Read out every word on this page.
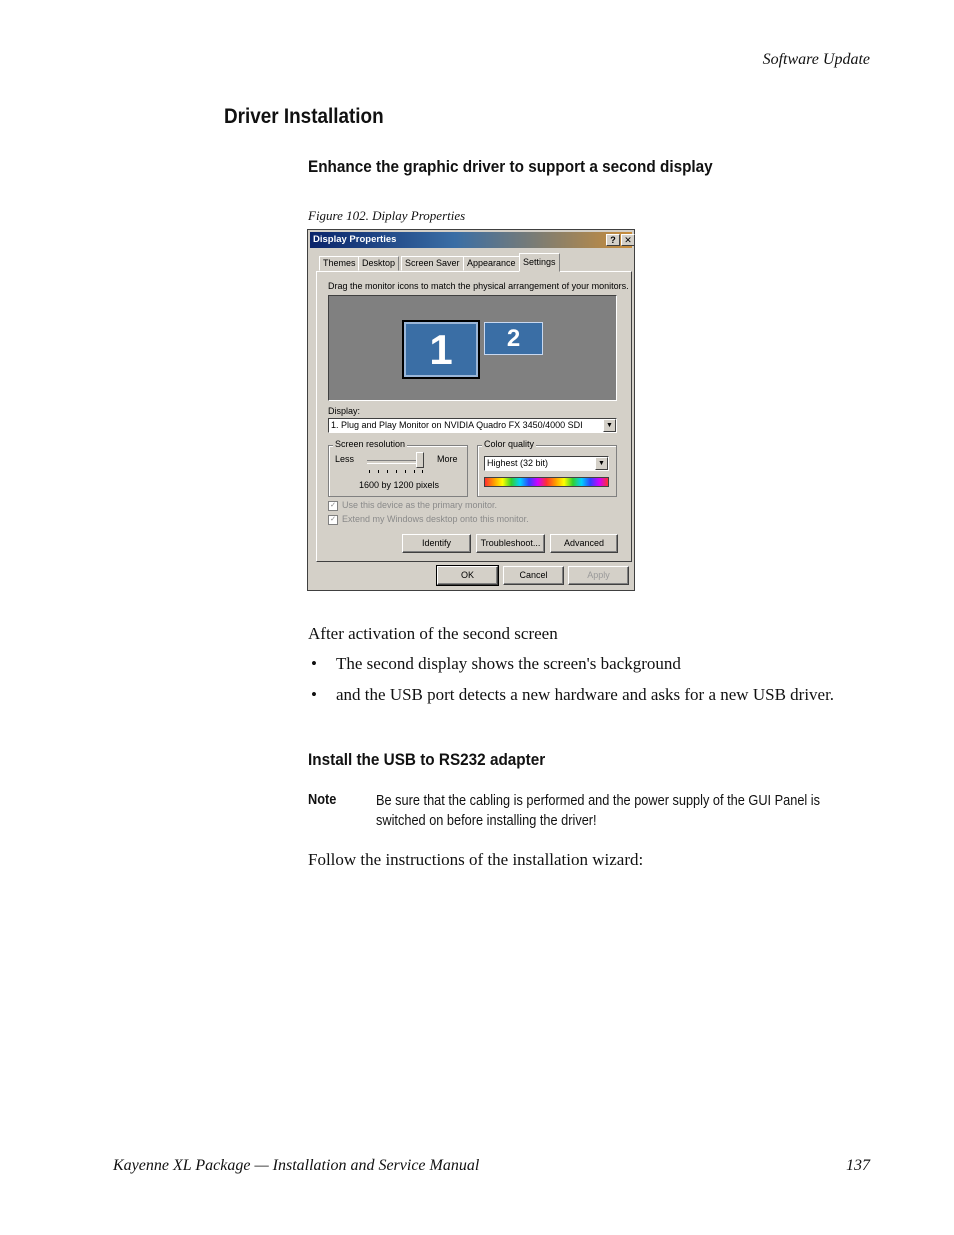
Software Update
Driver Installation
Enhance the graphic driver to support a second display
Figure 102. Diplay Properties
Display Properties	? ✕
Themes Desktop	Screen Saver Appearance Settings
Drag the monitor icons to match the physical arrangement of your monitors.
1	2
Display:
1. Plug and Play Monitor on NVIDIA Quadro FX 3450/4000 SDI	▼
Screen resolution
Less	More
1600 by 1200 pixels
Color quality
Highest (32 bit)	▼
✓ Use this device as the primary monitor.
✓ Extend my Windows desktop onto this monitor.
Identify	Troubleshoot...	Advanced
OK	Cancel	Apply
After activation of the second screen
• The second display shows the screen's background
• and the USB port detects a new hardware and asks for a new USB driver.
Install the USB to RS232 adapter
Note	Be sure that the cabling is performed and the power supply of the GUI Panel is switched on before installing the driver!
Follow the instructions of the installation wizard:
Kayenne XL Package — Installation and Service Manual	137
